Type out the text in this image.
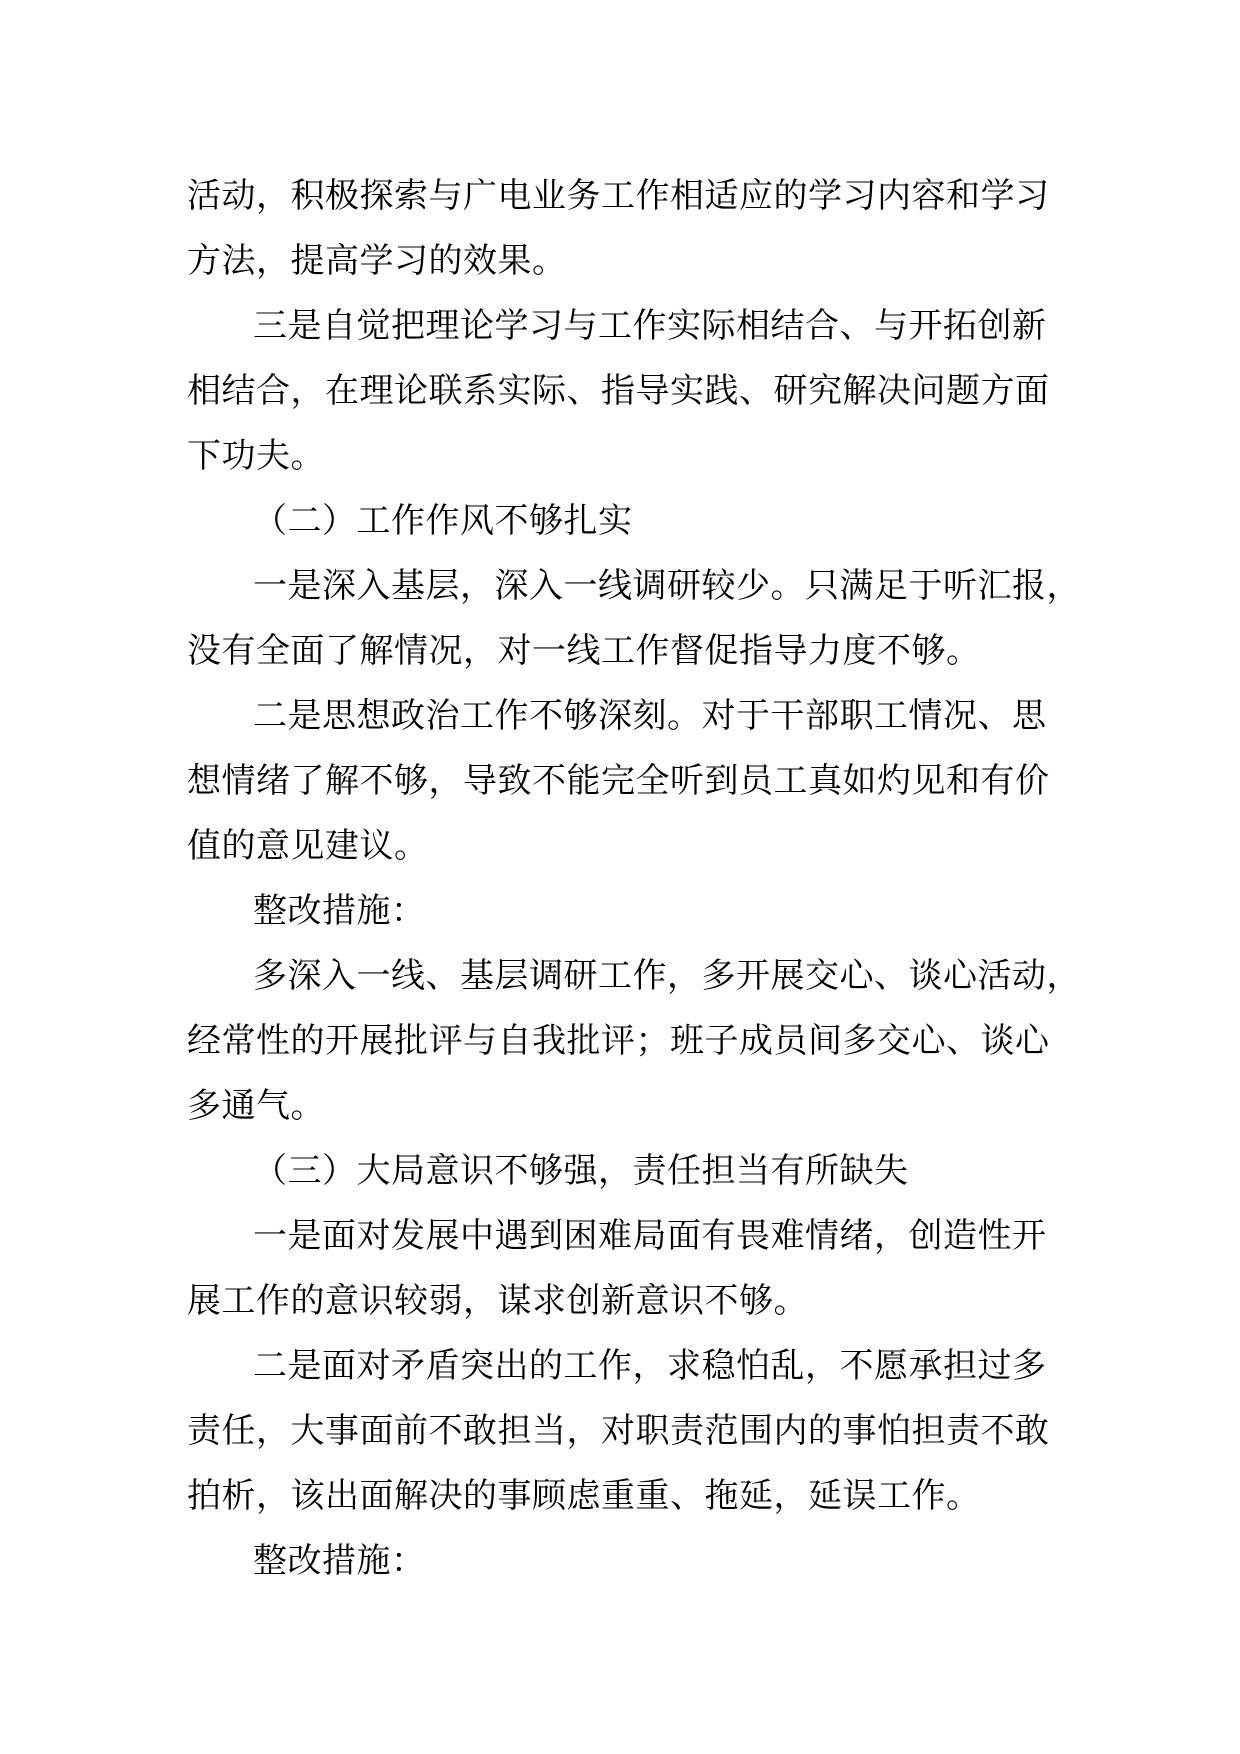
活动，积极探索与广电业务工作相适应的学习内容和学习
方法，提高学习的效果。
三是自觉把理论学习与工作实际相结合、与开拓创新
相结合，在理论联系实际、指导实践、研究解决问题方面
下功夫。
（二）工作作风不够扎实
一是深入基层，深入一线调研较少。只满足于听汇报，
没有全面了解情况，对一线工作督促指导力度不够。
二是思想政治工作不够深刻。对于干部职工情况、思
想情绪了解不够，导致不能完全听到员工真如灼见和有价
值的意见建议。
整改措施：
多深入一线、基层调研工作，多开展交心、谈心活动，
经常性的开展批评与自我批评；班子成员间多交心、谈心
多通气。
（三）大局意识不够强，责任担当有所缺失
一是面对发展中遇到困难局面有畏难情绪，创造性开
展工作的意识较弱，谋求创新意识不够。
二是面对矛盾突出的工作，求稳怕乱，不愿承担过多
责任，大事面前不敢担当，对职责范围内的事怕担责不敢
拍析，该出面解决的事顾虑重重、拖延，延误工作。
整改措施：
